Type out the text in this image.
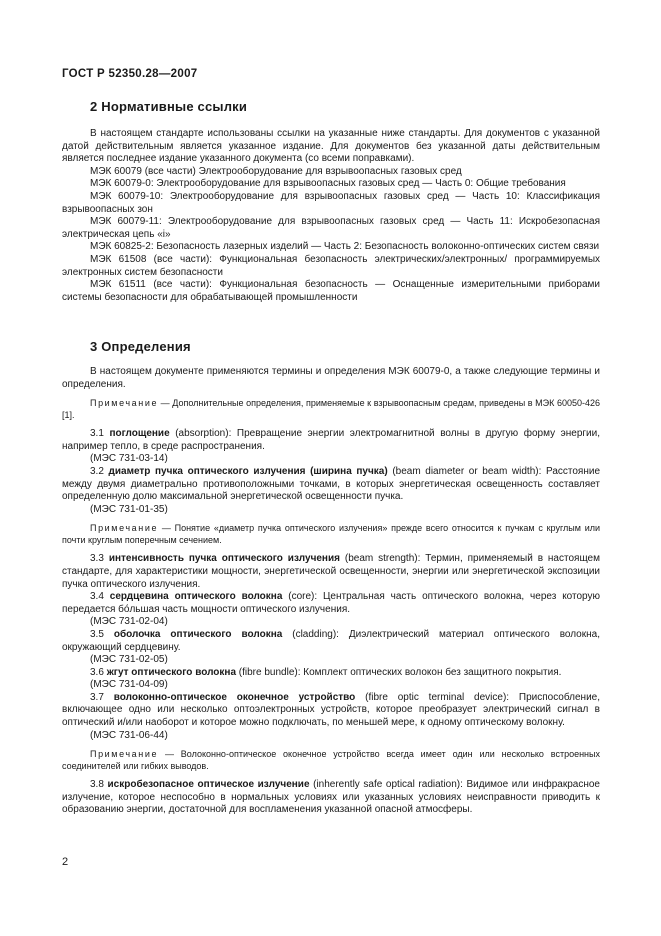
ГОСТ Р 52350.28—2007
2 Нормативные ссылки

В настоящем стандарте использованы ссылки на указанные ниже стандарты. Для документов с указанной датой действительным является указанное издание. Для документов без указанной даты действительным является последнее издание указанного документа (со всеми поправками).

МЭК 60079 (все части) Электрооборудование для взрывоопасных газовых сред

МЭК 60079-0: Электрооборудование для взрывоопасных газовых сред — Часть 0: Общие требования

МЭК 60079-10: Электрооборудование для взрывоопасных газовых сред — Часть 10: Классификация взрывоопасных зон

МЭК 60079-11: Электрооборудование для взрывоопасных газовых сред — Часть 11: Искробезопасная электрическая цепь «i»

МЭК 60825-2: Безопасность лазерных изделий — Часть 2: Безопасность волоконно-оптических систем связи

МЭК 61508 (все части): Функциональная безопасность электрических/электронных/ программируемых электронных систем безопасности

МЭК 61511 (все части): Функциональная безопасность — Оснащенные измерительными приборами системы безопасности для обрабатывающей промышленности

3 Определения

В настоящем документе применяются термины и определения МЭК 60079-0, а также следующие термины и определения.

Примечание — Дополнительные определения, применяемые к взрывоопасным средам, приведены в МЭК 60050-426 [1].

3.1 поглощение (absorption): Превращение энергии электромагнитной волны в другую форму энергии, например тепло, в среде распространения.

(МЭС 731-03-14)

3.2 диаметр пучка оптического излучения (ширина пучка) (beam diameter or beam width): Расстояние между двумя диаметрально противоположными точками, в которых энергетическая освещенность составляет определенную долю максимальной энергетической освещенности пучка.

(МЭС 731-01-35)

Примечание — Понятие «диаметр пучка оптического излучения» прежде всего относится к пучкам с круглым или почти круглым поперечным сечением.

3.3 интенсивность пучка оптического излучения (beam strength): Термин, применяемый в настоящем стандарте, для характеристики мощности, энергетической освещенности, энергии или энергетической экспозиции пучка оптического излучения.

3.4 сердцевина оптического волокна (core): Центральная часть оптического волокна, через которую передается бо́льшая часть мощности оптического излучения.

(МЭС 731-02-04)

3.5 оболочка оптического волокна (cladding): Диэлектрический материал оптического волокна, окружающий сердцевину.

(МЭС 731-02-05)

3.6 жгут оптического волокна (fibre bundle): Комплект оптических волокон без защитного покрытия.

(МЭС 731-04-09)

3.7 волоконно-оптическое оконечное устройство (fibre optic terminal device): Приспособление, включающее одно или несколько оптоэлектронных устройств, которое преобразует электрический сигнал в оптический и/или наоборот и которое можно подключать, по меньшей мере, к одному оптическому волокну.

(МЭС 731-06-44)

Примечание — Волоконно-оптическое оконечное устройство всегда имеет один или несколько встроенных соединителей или гибких выводов.

3.8 искробезопасное оптическое излучение (inherently safe optical radiation): Видимое или инфракрасное излучение, которое неспособно в нормальных условиях или указанных условиях неисправности приводить к образованию энергии, достаточной для воспламенения указанной опасной атмосферы.

2
